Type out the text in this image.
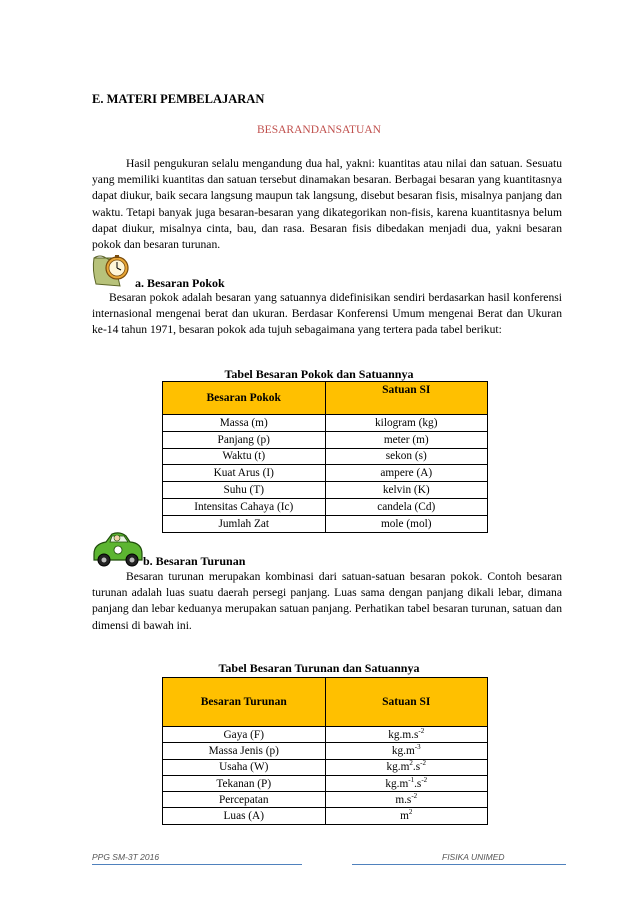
E. MATERI PEMBELAJARAN
BESARANDANSATUAN
Hasil pengukuran selalu mengandung dua hal, yakni: kuantitas atau nilai dan satuan. Sesuatu yang memiliki kuantitas dan satuan tersebut dinamakan besaran. Berbagai besaran yang kuantitasnya dapat diukur, baik secara langsung maupun tak langsung, disebut besaran fisis, misalnya panjang dan waktu. Tetapi banyak juga besaran-besaran yang dikategorikan non-fisis, karena kuantitasnya belum dapat diukur, misalnya cinta, bau, dan rasa. Besaran fisis dibedakan menjadi dua, yakni besaran pokok dan besaran turunan.
a. Besaran Pokok
Besaran pokok adalah besaran yang satuannya didefinisikan sendiri berdasarkan hasil konferensi internasional mengenai berat dan ukuran. Berdasar Konferensi Umum mengenai Berat dan Ukuran ke-14 tahun 1971, besaran pokok ada tujuh sebagaimana yang tertera pada tabel berikut:
Tabel Besaran Pokok dan Satuannya
Besaran Pokok	Satuan SI
Massa (m)	kilogram (kg)
Panjang (p)	meter (m)
Waktu (t)	sekon (s)
Kuat Arus (I)	ampere (A)
Suhu (T)	kelvin (K)
Intensitas Cahaya (Ic)	candela (Cd)
Jumlah Zat	mole (mol)
b. Besaran Turunan
Besaran turunan merupakan kombinasi dari satuan-satuan besaran pokok. Contoh besaran turunan adalah luas suatu daerah persegi panjang. Luas sama dengan panjang dikali lebar, dimana panjang dan lebar keduanya merupakan satuan panjang. Perhatikan tabel besaran turunan, satuan dan dimensi di bawah ini.
Tabel Besaran Turunan dan Satuannya
Besaran Turunan	Satuan SI
Gaya (F)	$kg.m.s^{-2}$
Massa Jenis (p)	$kg.m^{-3}$
Usaha (W)	$kg.m^2.s^{-2}$
Tekanan (P)	$kg.m^{-1}.s^{-2}$
Percepatan	$m.s^{-2}$
Luas (A)	$m^2$
PPG SM-3T 2016	FISIKA UNIMED
